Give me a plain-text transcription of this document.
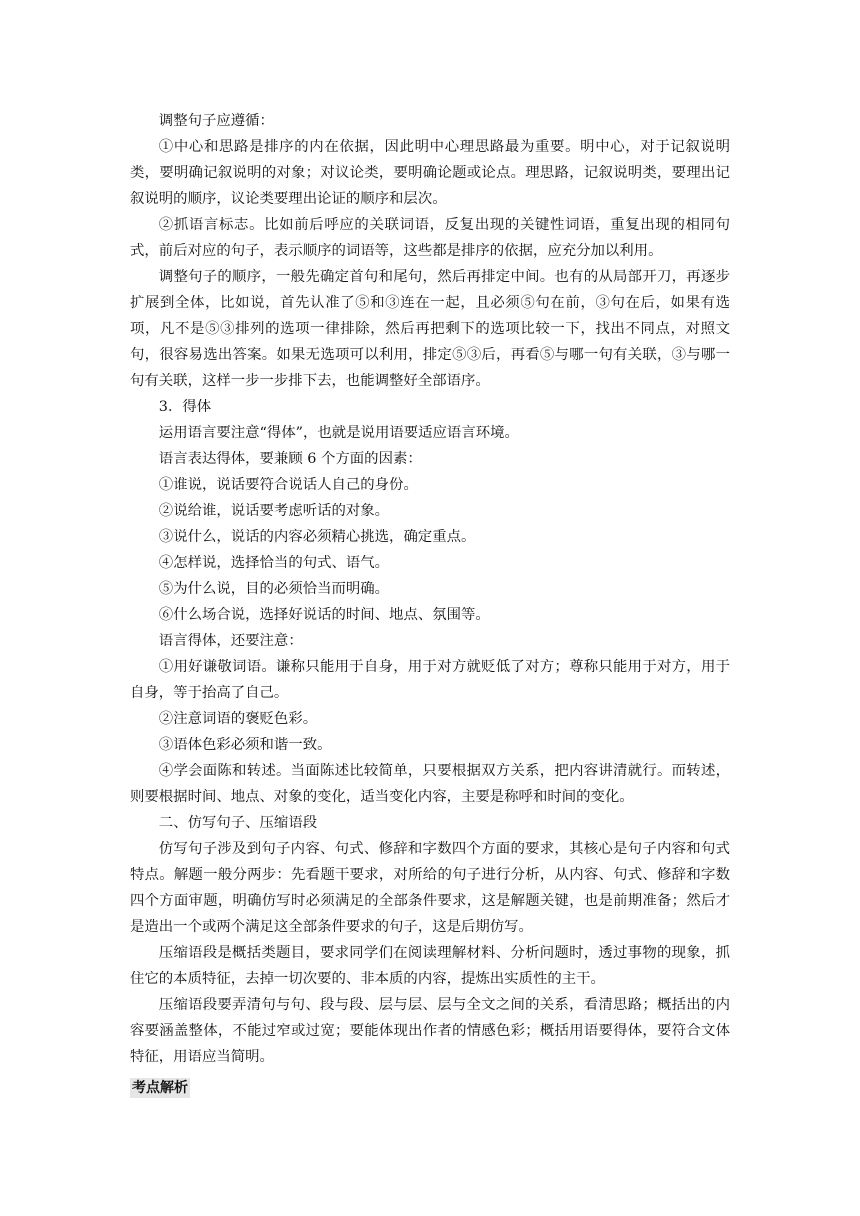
调整句子应遵循：

①中心和思路是排序的内在依据，因此明中心理思路最为重要。明中心，对于记叙说明类，要明确记叙说明的对象；对议论类，要明确论题或论点。理思路，记叙说明类，要理出记叙说明的顺序，议论类要理出论证的顺序和层次。

②抓语言标志。比如前后呼应的关联词语，反复出现的关键性词语，重复出现的相同句式，前后对应的句子，表示顺序的词语等，这些都是排序的依据，应充分加以利用。

调整句子的顺序，一般先确定首句和尾句，然后再排定中间。也有的从局部开刀，再逐步扩展到全体，比如说，首先认准了⑤和③连在一起，且必须⑤句在前，③句在后，如果有选项，凡不是⑤③排列的选项一律排除，然后再把剩下的选项比较一下，找出不同点，对照文句，很容易选出答案。如果无选项可以利用，排定⑤③后，再看⑤与哪一句有关联，③与哪一句有关联，这样一步一步排下去，也能调整好全部语序。

3．得体

运用语言要注意“得体”，也就是说用语要适应语言环境。

语言表达得体，要兼顾 6 个方面的因素：

①谁说，说话要符合说话人自己的身份。

②说给谁，说话要考虑听话的对象。

③说什么，说话的内容必须精心挑选，确定重点。

④怎样说，选择恰当的句式、语气。

⑤为什么说，目的必须恰当而明确。

⑥什么场合说，选择好说话的时间、地点、氛围等。

语言得体，还要注意：

①用好谦敬词语。谦称只能用于自身，用于对方就贬低了对方；尊称只能用于对方，用于自身，等于抬高了自己。

②注意词语的褒贬色彩。

③语体色彩必须和谐一致。

④学会面陈和转述。当面陈述比较简单，只要根据双方关系，把内容讲清就行。而转述，则要根据时间、地点、对象的变化，适当变化内容，主要是称呼和时间的变化。

二、仿写句子、压缩语段

仿写句子涉及到句子内容、句式、修辞和字数四个方面的要求，其核心是句子内容和句式特点。解题一般分两步：先看题干要求，对所给的句子进行分析，从内容、句式、修辞和字数四个方面审题，明确仿写时必须满足的全部条件要求，这是解题关键，也是前期准备；然后才是造出一个或两个满足这全部条件要求的句子，这是后期仿写。

压缩语段是概括类题目，要求同学们在阅读理解材料、分析问题时，透过事物的现象，抓住它的本质特征，去掉一切次要的、非本质的内容，提炼出实质性的主干。

压缩语段要弄清句与句、段与段、层与层、层与全文之间的关系，看清思路；概括出的内容要涵盖整体，不能过窄或过宽；要能体现出作者的情感色彩；概括用语要得体，要符合文体特征，用语应当简明。

考点解析
